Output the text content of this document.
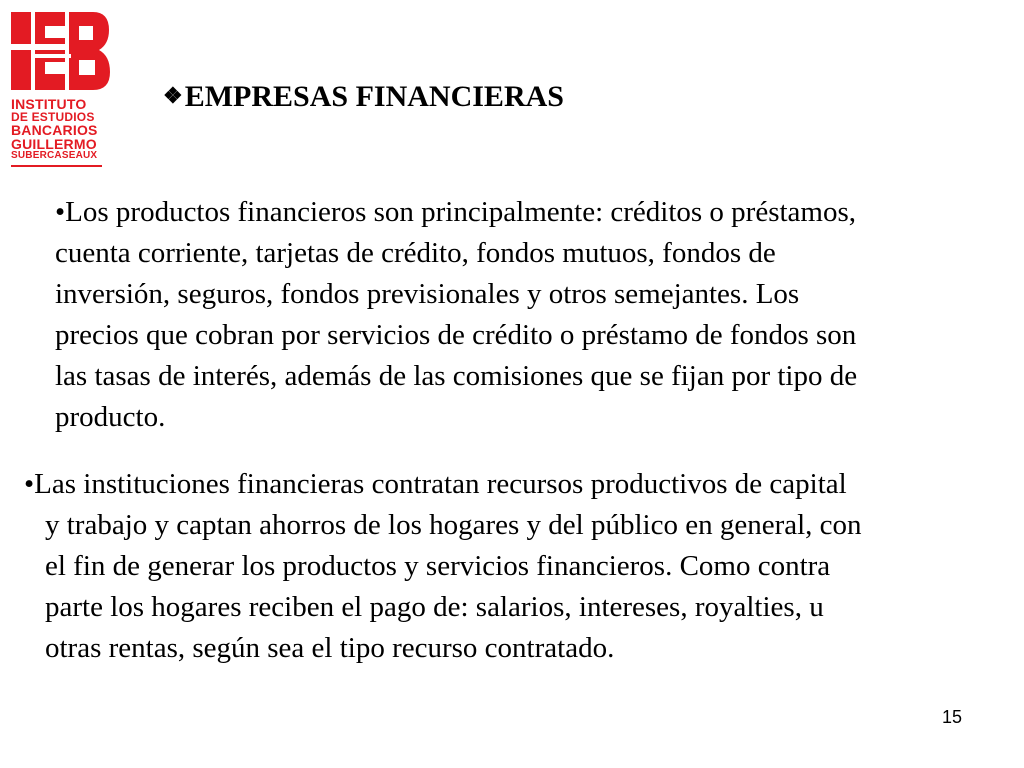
INSTITUTO
DE ESTUDIOS
BANCARIOS
GUILLERMO
SUBERCASEAUX
❖EMPRESAS FINANCIERAS
•Los productos financieros son principalmente: créditos o préstamos,
cuenta corriente, tarjetas de crédito, fondos mutuos, fondos de
inversión, seguros, fondos previsionales y otros semejantes. Los
precios que cobran por servicios de crédito o préstamo de fondos son
las tasas de interés, además de las comisiones que se fijan por tipo de
producto.
•Las instituciones financieras contratan recursos productivos de capital
y trabajo y captan ahorros de los hogares y del público en general, con
el fin de generar los productos y servicios financieros. Como contra
parte los hogares reciben el pago de: salarios, intereses, royalties, u
otras rentas, según sea el tipo recurso contratado.
15
